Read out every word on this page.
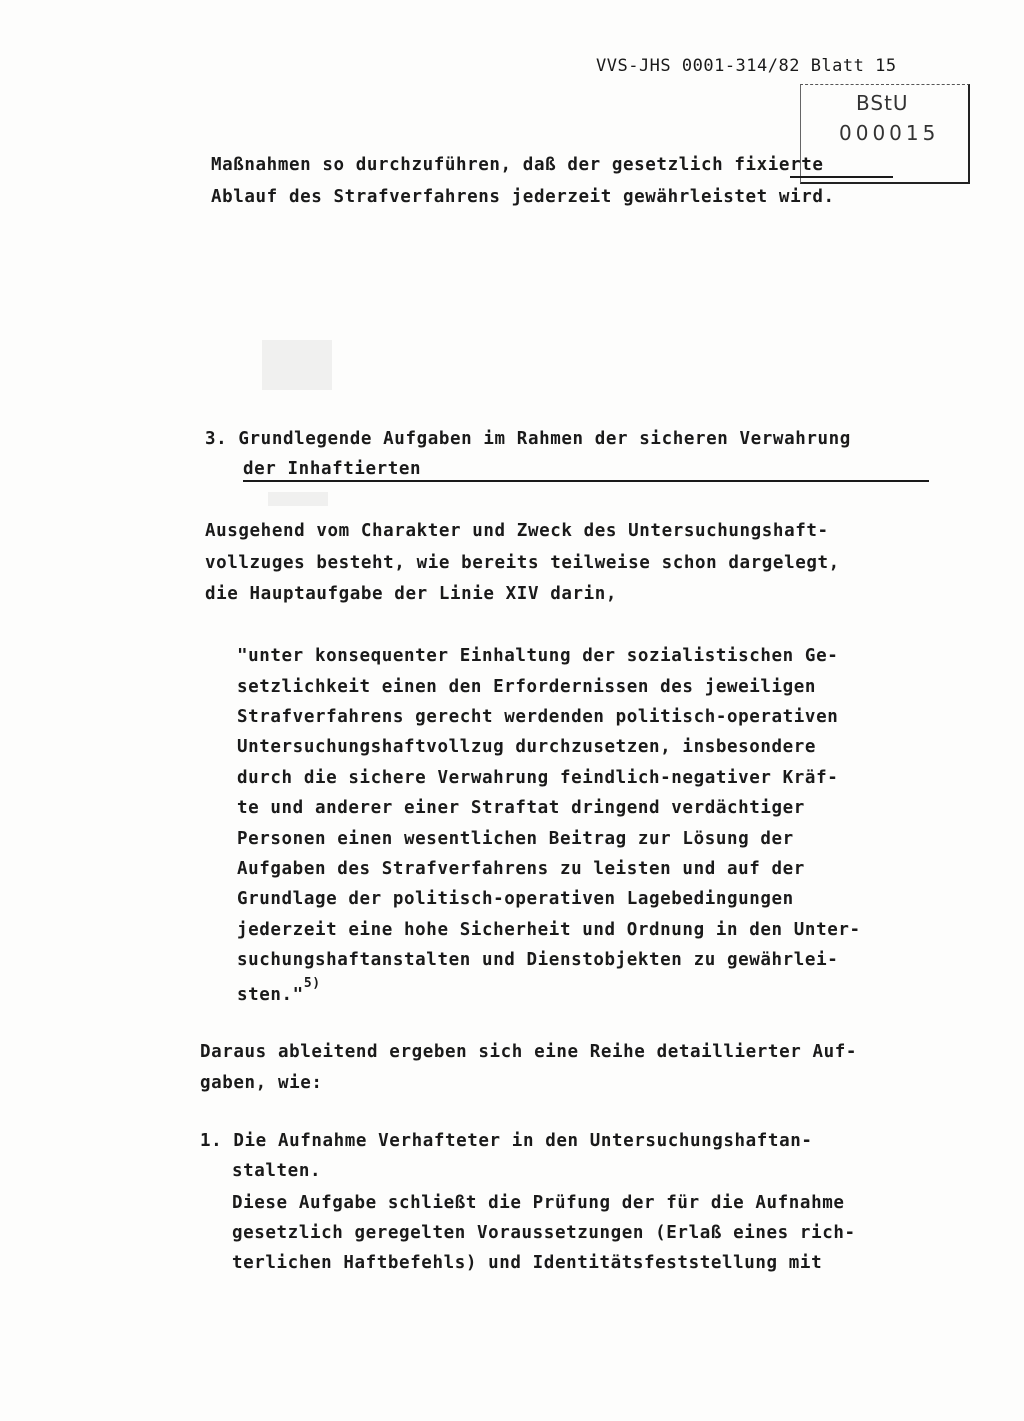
VVS-JHS 0001-314/82 Blatt 15
BStU
000015
Maßnahmen so durchzuführen, daß der gesetzlich fixierte
Ablauf des Strafverfahrens jederzeit gewährleistet wird.
3. Grundlegende Aufgaben im Rahmen der sicheren Verwahrung
der Inhaftierten
Ausgehend vom Charakter und Zweck des Untersuchungshaft-
vollzuges besteht, wie bereits teilweise schon dargelegt,
die Hauptaufgabe der Linie XIV darin,
"unter konsequenter Einhaltung der sozialistischen Ge-
setzlichkeit einen den Erfordernissen des jeweiligen
Strafverfahrens gerecht werdenden politisch-operativen
Untersuchungshaftvollzug durchzusetzen, insbesondere
durch die sichere Verwahrung feindlich-negativer Kräf-
te und anderer einer Straftat dringend verdächtiger
Personen einen wesentlichen Beitrag zur Lösung der
Aufgaben des Strafverfahrens zu leisten und auf der
Grundlage der politisch-operativen Lagebedingungen
jederzeit eine hohe Sicherheit und Ordnung in den Unter-
suchungshaftanstalten und Dienstobjekten zu gewährlei-
sten."$^{5)}$
Daraus ableitend ergeben sich eine Reihe detaillierter Auf-
gaben, wie:
1. Die Aufnahme Verhafteter in den Untersuchungshaftan-
stalten.
Diese Aufgabe schließt die Prüfung der für die Aufnahme
gesetzlich geregelten Voraussetzungen (Erlaß eines rich-
terlichen Haftbefehls) und Identitätsfeststellung mit
